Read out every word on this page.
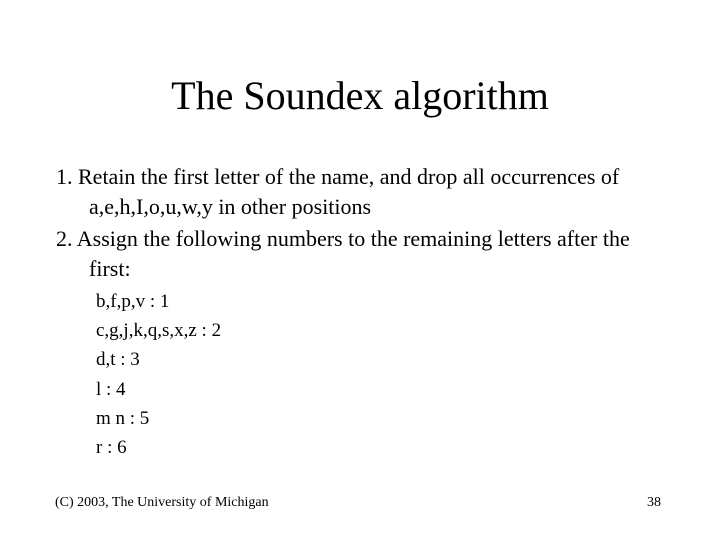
The Soundex algorithm
1. Retain the first letter of the name, and drop all occurrences of a,e,h,I,o,u,w,y in other positions
2. Assign the following numbers to the remaining letters after the first:
b,f,p,v : 1
c,g,j,k,q,s,x,z : 2
d,t : 3
l : 4
m n : 5
r : 6
(C) 2003, The University of Michigan	38
